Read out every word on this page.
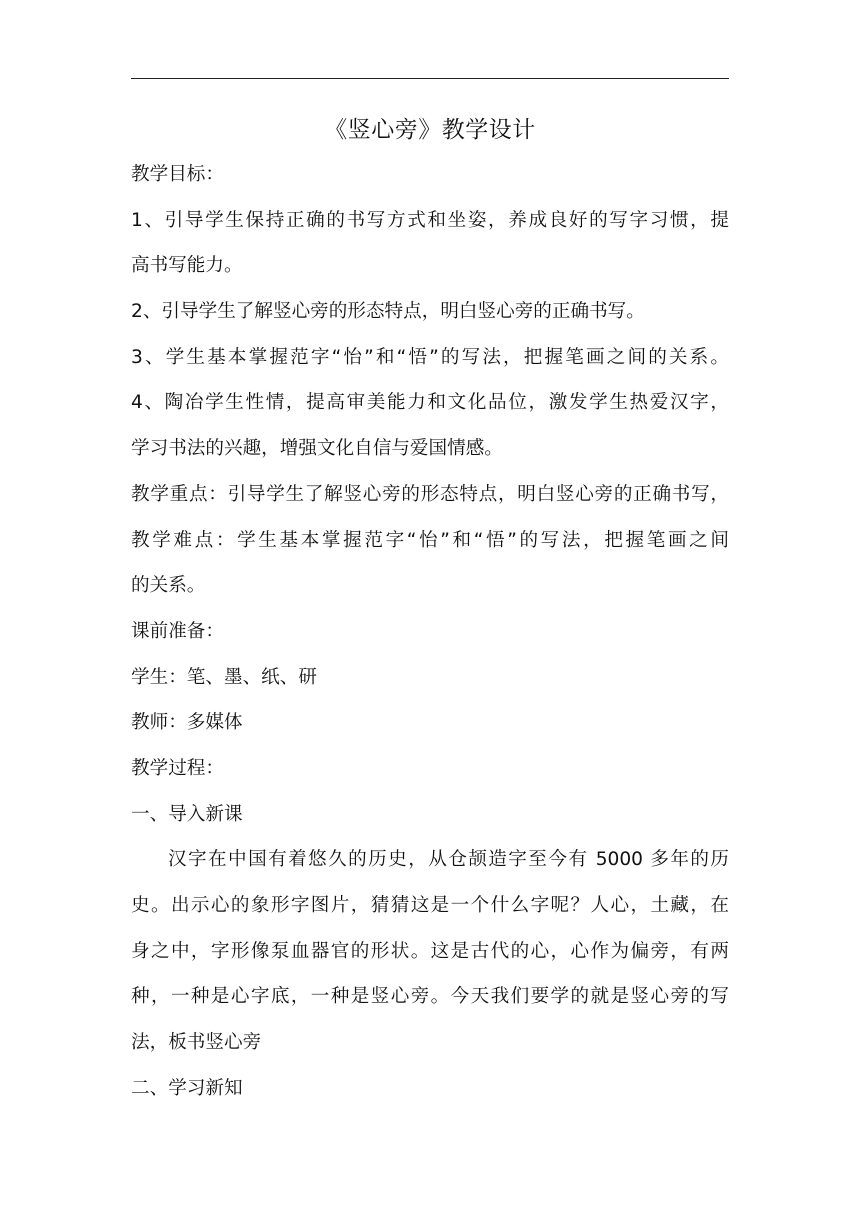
《竖心旁》教学设计
教学目标：
1、引导学生保持正确的书写方式和坐姿，养成良好的写字习惯，提
高书写能力。
2、引导学生了解竖心旁的形态特点，明白竖心旁的正确书写。
3、学生基本掌握范字“怡”和“悟”的写法，把握笔画之间的关系。
4、陶冶学生性情，提高审美能力和文化品位，激发学生热爱汉字，
学习书法的兴趣，增强文化自信与爱国情感。
教学重点：引导学生了解竖心旁的形态特点，明白竖心旁的正确书写，
教学难点：学生基本掌握范字“怡”和“悟”的写法，把握笔画之间
的关系。
课前准备：
学生：笔、墨、纸、研
教师：多媒体
教学过程：
一、导入新课
汉字在中国有着悠久的历史，从仓颉造字至今有 5000 多年的历
史。出示心的象形字图片，猜猜这是一个什么字呢？人心，土藏，在
身之中，字形像泵血器官的形状。这是古代的心，心作为偏旁，有两
种，一种是心字底，一种是竖心旁。今天我们要学的就是竖心旁的写
法，板书竖心旁
二、学习新知
